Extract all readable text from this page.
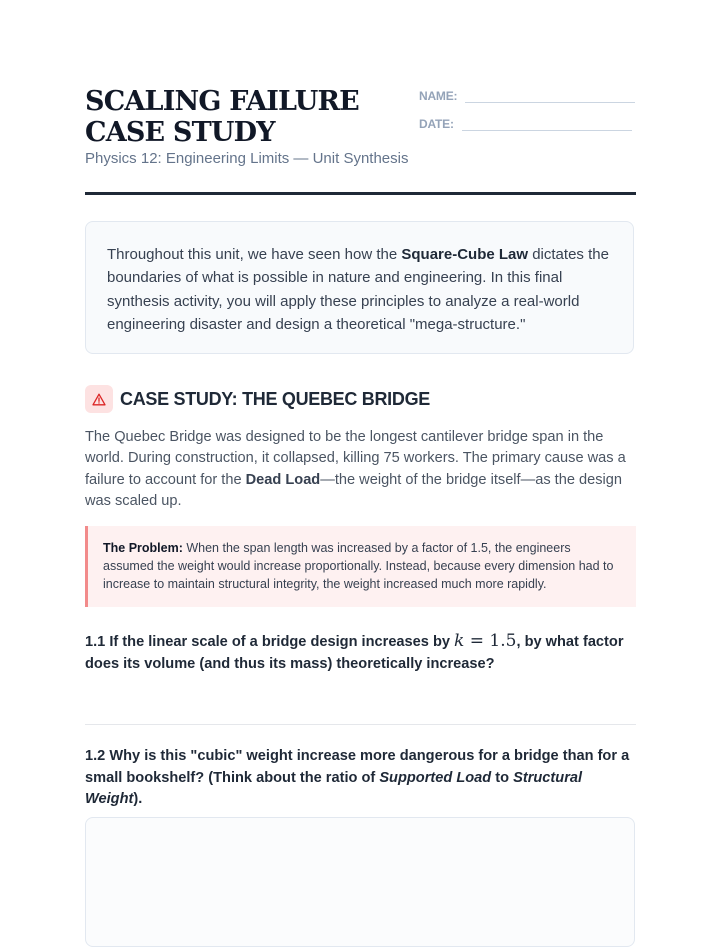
SCALING FAILURE CASE STUDY
Physics 12: Engineering Limits — Unit Synthesis
NAME:
DATE:
Throughout this unit, we have seen how the Square-Cube Law dictates the boundaries of what is possible in nature and engineering. In this final synthesis activity, you will apply these principles to analyze a real-world engineering disaster and design a theoretical "mega-structure."
CASE STUDY: THE QUEBEC BRIDGE
The Quebec Bridge was designed to be the longest cantilever bridge span in the world. During construction, it collapsed, killing 75 workers. The primary cause was a failure to account for the Dead Load—the weight of the bridge itself—as the design was scaled up.
The Problem: When the span length was increased by a factor of 1.5, the engineers assumed the weight would increase proportionally. Instead, because every dimension had to increase to maintain structural integrity, the weight increased much more rapidly.
1.1 If the linear scale of a bridge design increases by k = 1.5, by what factor does its volume (and thus its mass) theoretically increase?
1.2 Why is this "cubic" weight increase more dangerous for a bridge than for a small bookshelf? (Think about the ratio of Supported Load to Structural Weight).
